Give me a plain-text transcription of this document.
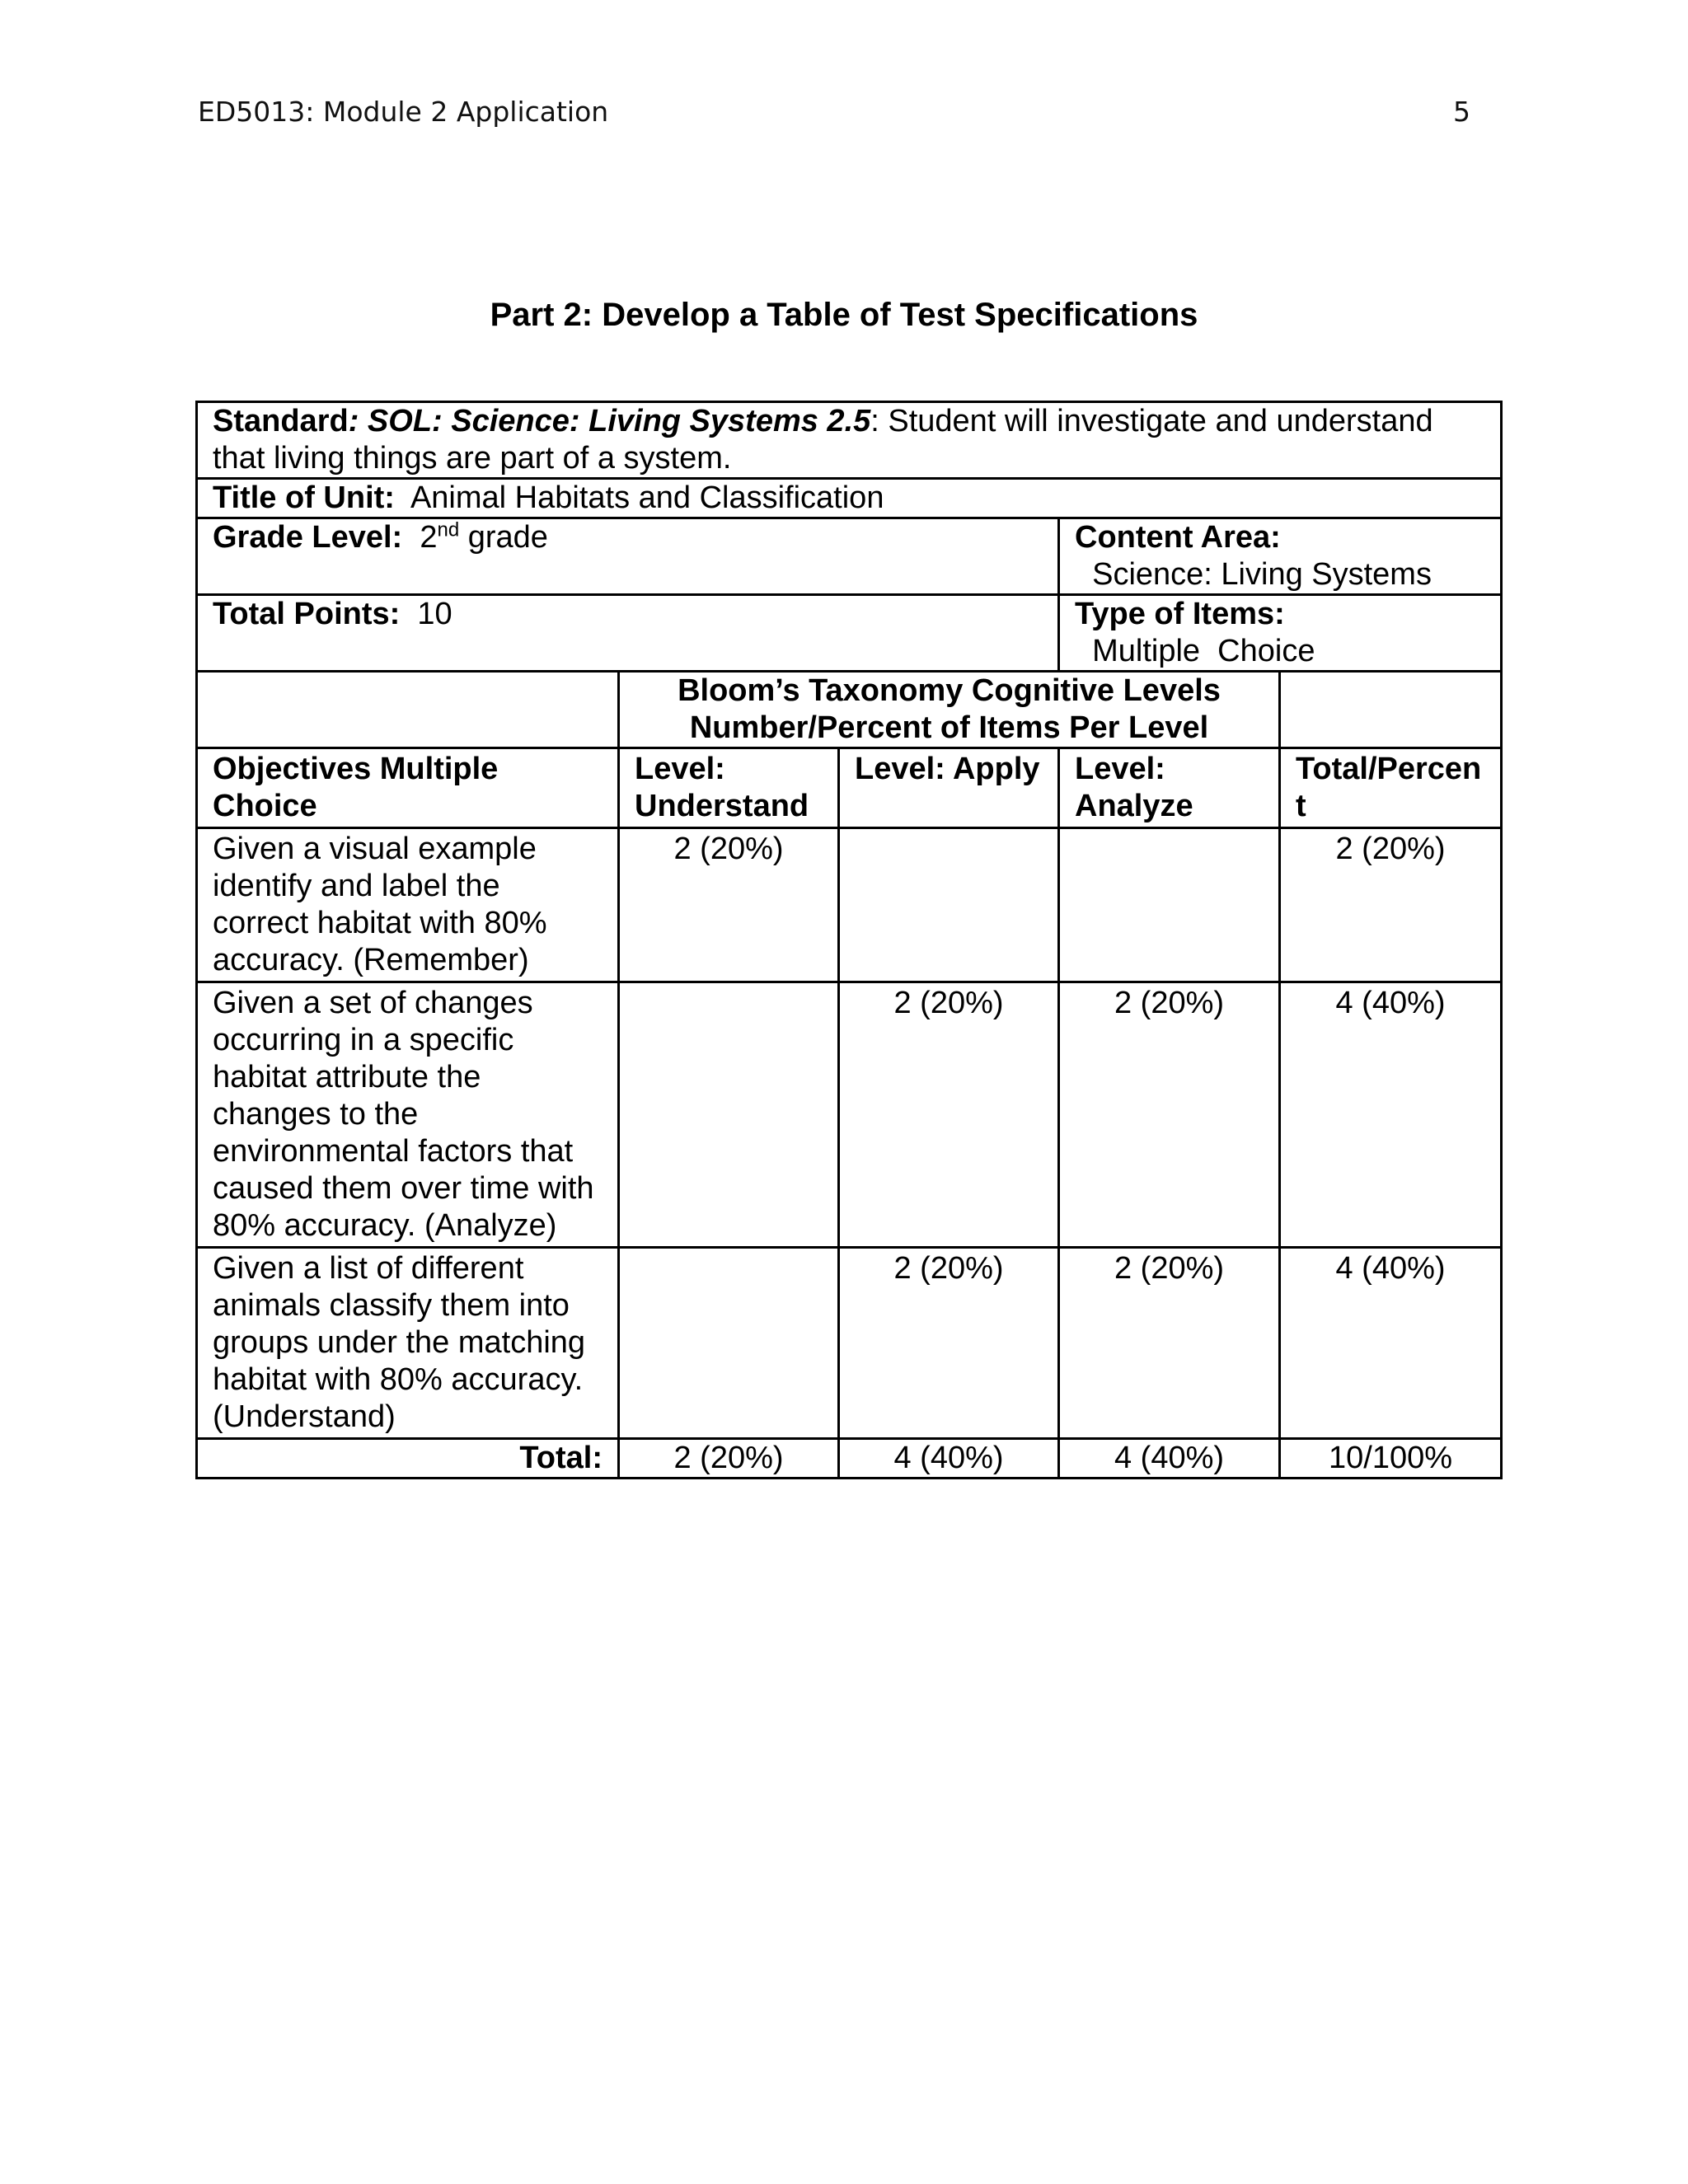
ED5013: Module 2 Application	5
Part 2: Develop a Table of Test Specifications
Standard: SOL: Science: Living Systems 2.5: Student will investigate and understand that living things are part of a system.				
Title of Unit:  Animal Habitats and Classification				
Grade Level:  2nd grade			Content Area:  Science: Living Systems	
Total Points:  10			Type of Items:  Multiple  Choice	

	Bloom’s Taxonomy Cognitive Levels
Number/Percent of Items Per Level			

Objectives Multiple Choice	Level: Understand	Level: Apply	Level: Analyze	Total/Percent
Given a visual example identify and label the correct habitat with 80% accuracy. (Remember)	2 (20%)			2 (20%)
Given a set of changes occurring in a specific habitat attribute the changes to the environmental factors that caused them over time with 80% accuracy. (Analyze)		2 (20%)	2 (20%)	4 (40%)
Given a list of different animals classify them into groups under the matching habitat with 80% accuracy. (Understand)		2 (20%)	2 (20%)	4 (40%)
Total:	2 (20%)	4 (40%)	4 (40%)	10/100%
